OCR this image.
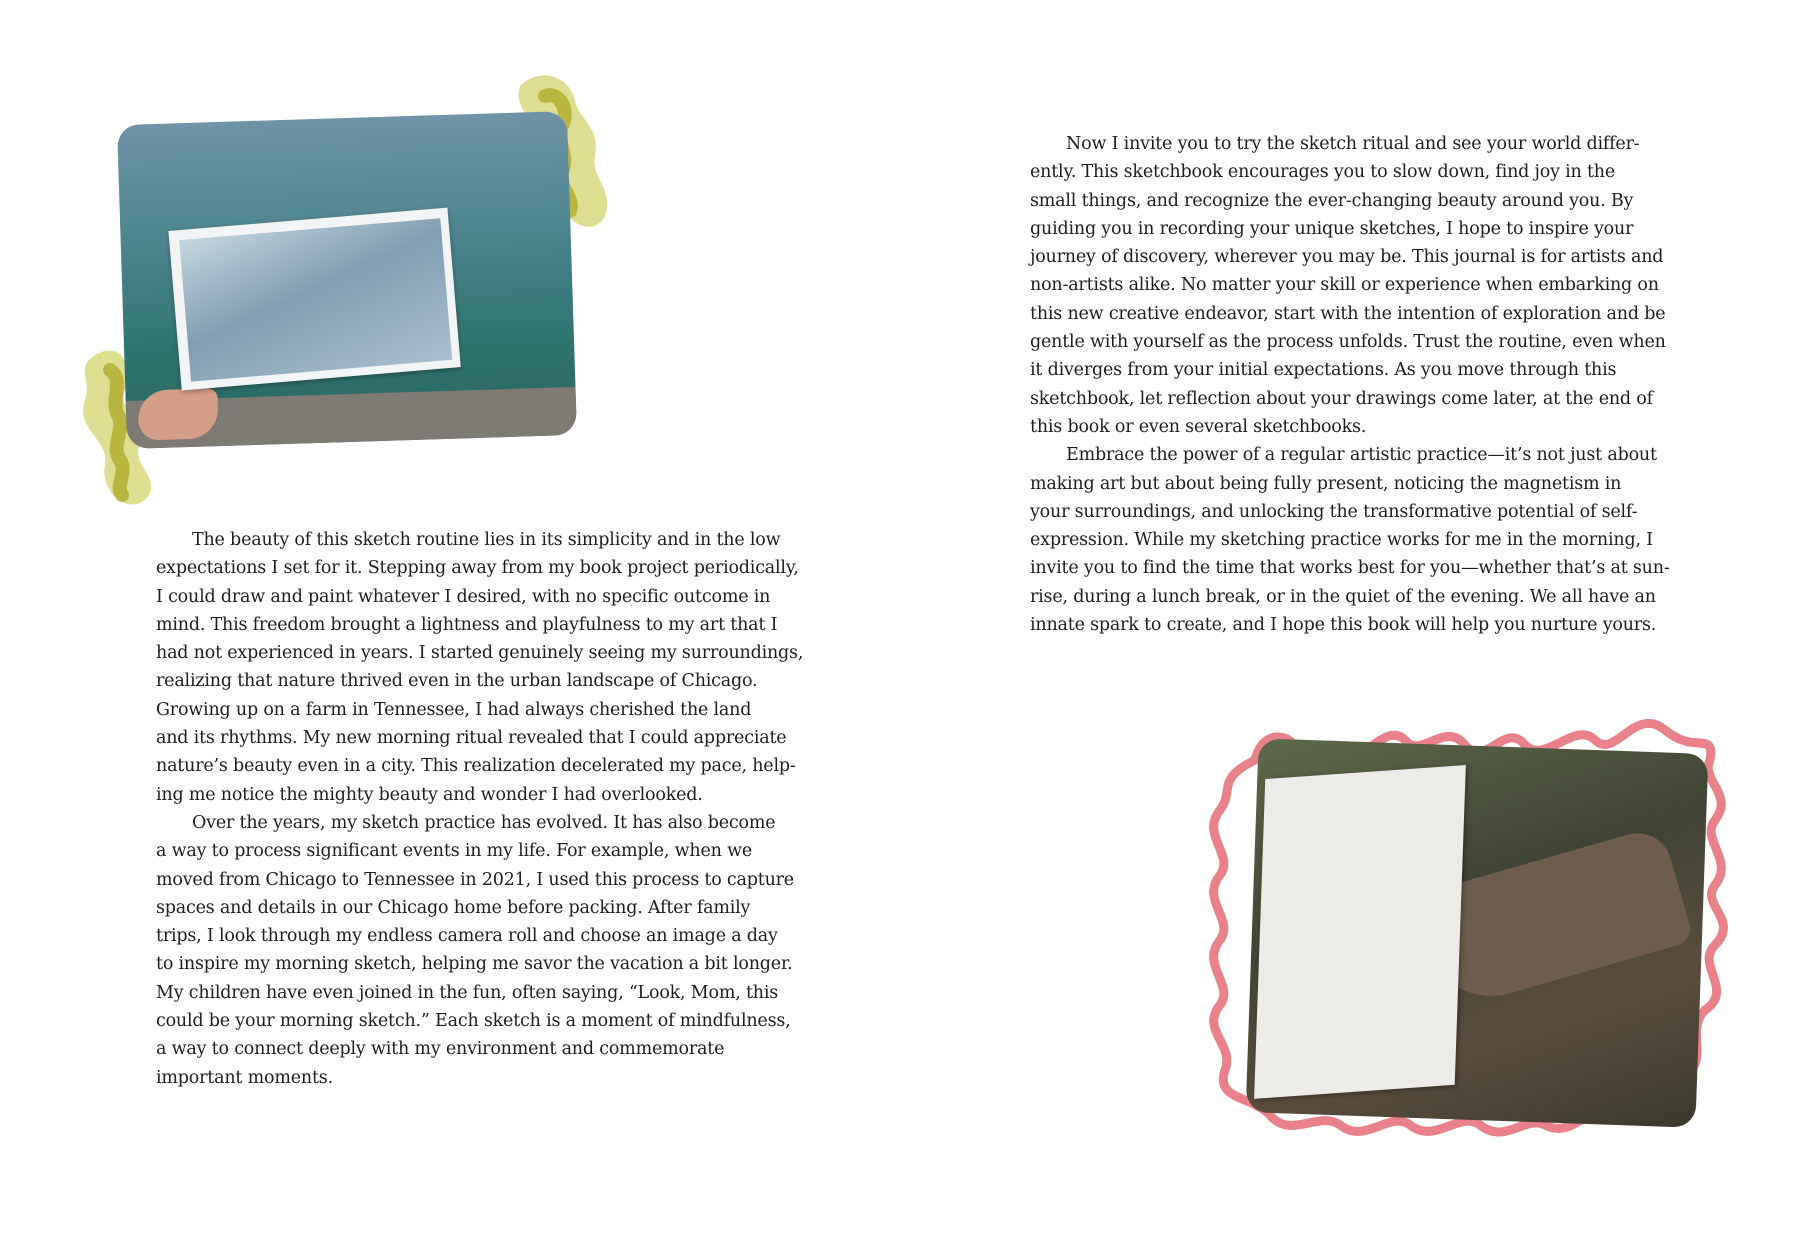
The beauty of this sketch routine lies in its simplicity and in the low
expectations I set for it. Stepping away from my book project periodically,
I could draw and paint whatever I desired, with no specific outcome in
mind. This freedom brought a lightness and playfulness to my art that I
had not experienced in years. I started genuinely seeing my surroundings,
realizing that nature thrived even in the urban landscape of Chicago.
Growing up on a farm in Tennessee, I had always cherished the land
and its rhythms. My new morning ritual revealed that I could appreciate
nature’s beauty even in a city. This realization decelerated my pace, help-
ing me notice the mighty beauty and wonder I had overlooked.
Over the years, my sketch practice has evolved. It has also become
a way to process significant events in my life. For example, when we
moved from Chicago to Tennessee in 2021, I used this process to capture
spaces and details in our Chicago home before packing. After family
trips, I look through my endless camera roll and choose an image a day
to inspire my morning sketch, helping me savor the vacation a bit longer.
My children have even joined in the fun, often saying, “Look, Mom, this
could be your morning sketch.” Each sketch is a moment of mindfulness,
a way to connect deeply with my environment and commemorate
important moments.
Now I invite you to try the sketch ritual and see your world differ-
ently. This sketchbook encourages you to slow down, find joy in the
small things, and recognize the ever-changing beauty around you. By
guiding you in recording your unique sketches, I hope to inspire your
journey of discovery, wherever you may be. This journal is for artists and
non-artists alike. No matter your skill or experience when embarking on
this new creative endeavor, start with the intention of exploration and be
gentle with yourself as the process unfolds. Trust the routine, even when
it diverges from your initial expectations. As you move through this
sketchbook, let reflection about your drawings come later, at the end of
this book or even several sketchbooks.
Embrace the power of a regular artistic practice—it’s not just about
making art but about being fully present, noticing the magnetism in
your surroundings, and unlocking the transformative potential of self-
expression. While my sketching practice works for me in the morning, I
invite you to find the time that works best for you—whether that’s at sun-
rise, during a lunch break, or in the quiet of the evening. We all have an
innate spark to create, and I hope this book will help you nurture yours.
